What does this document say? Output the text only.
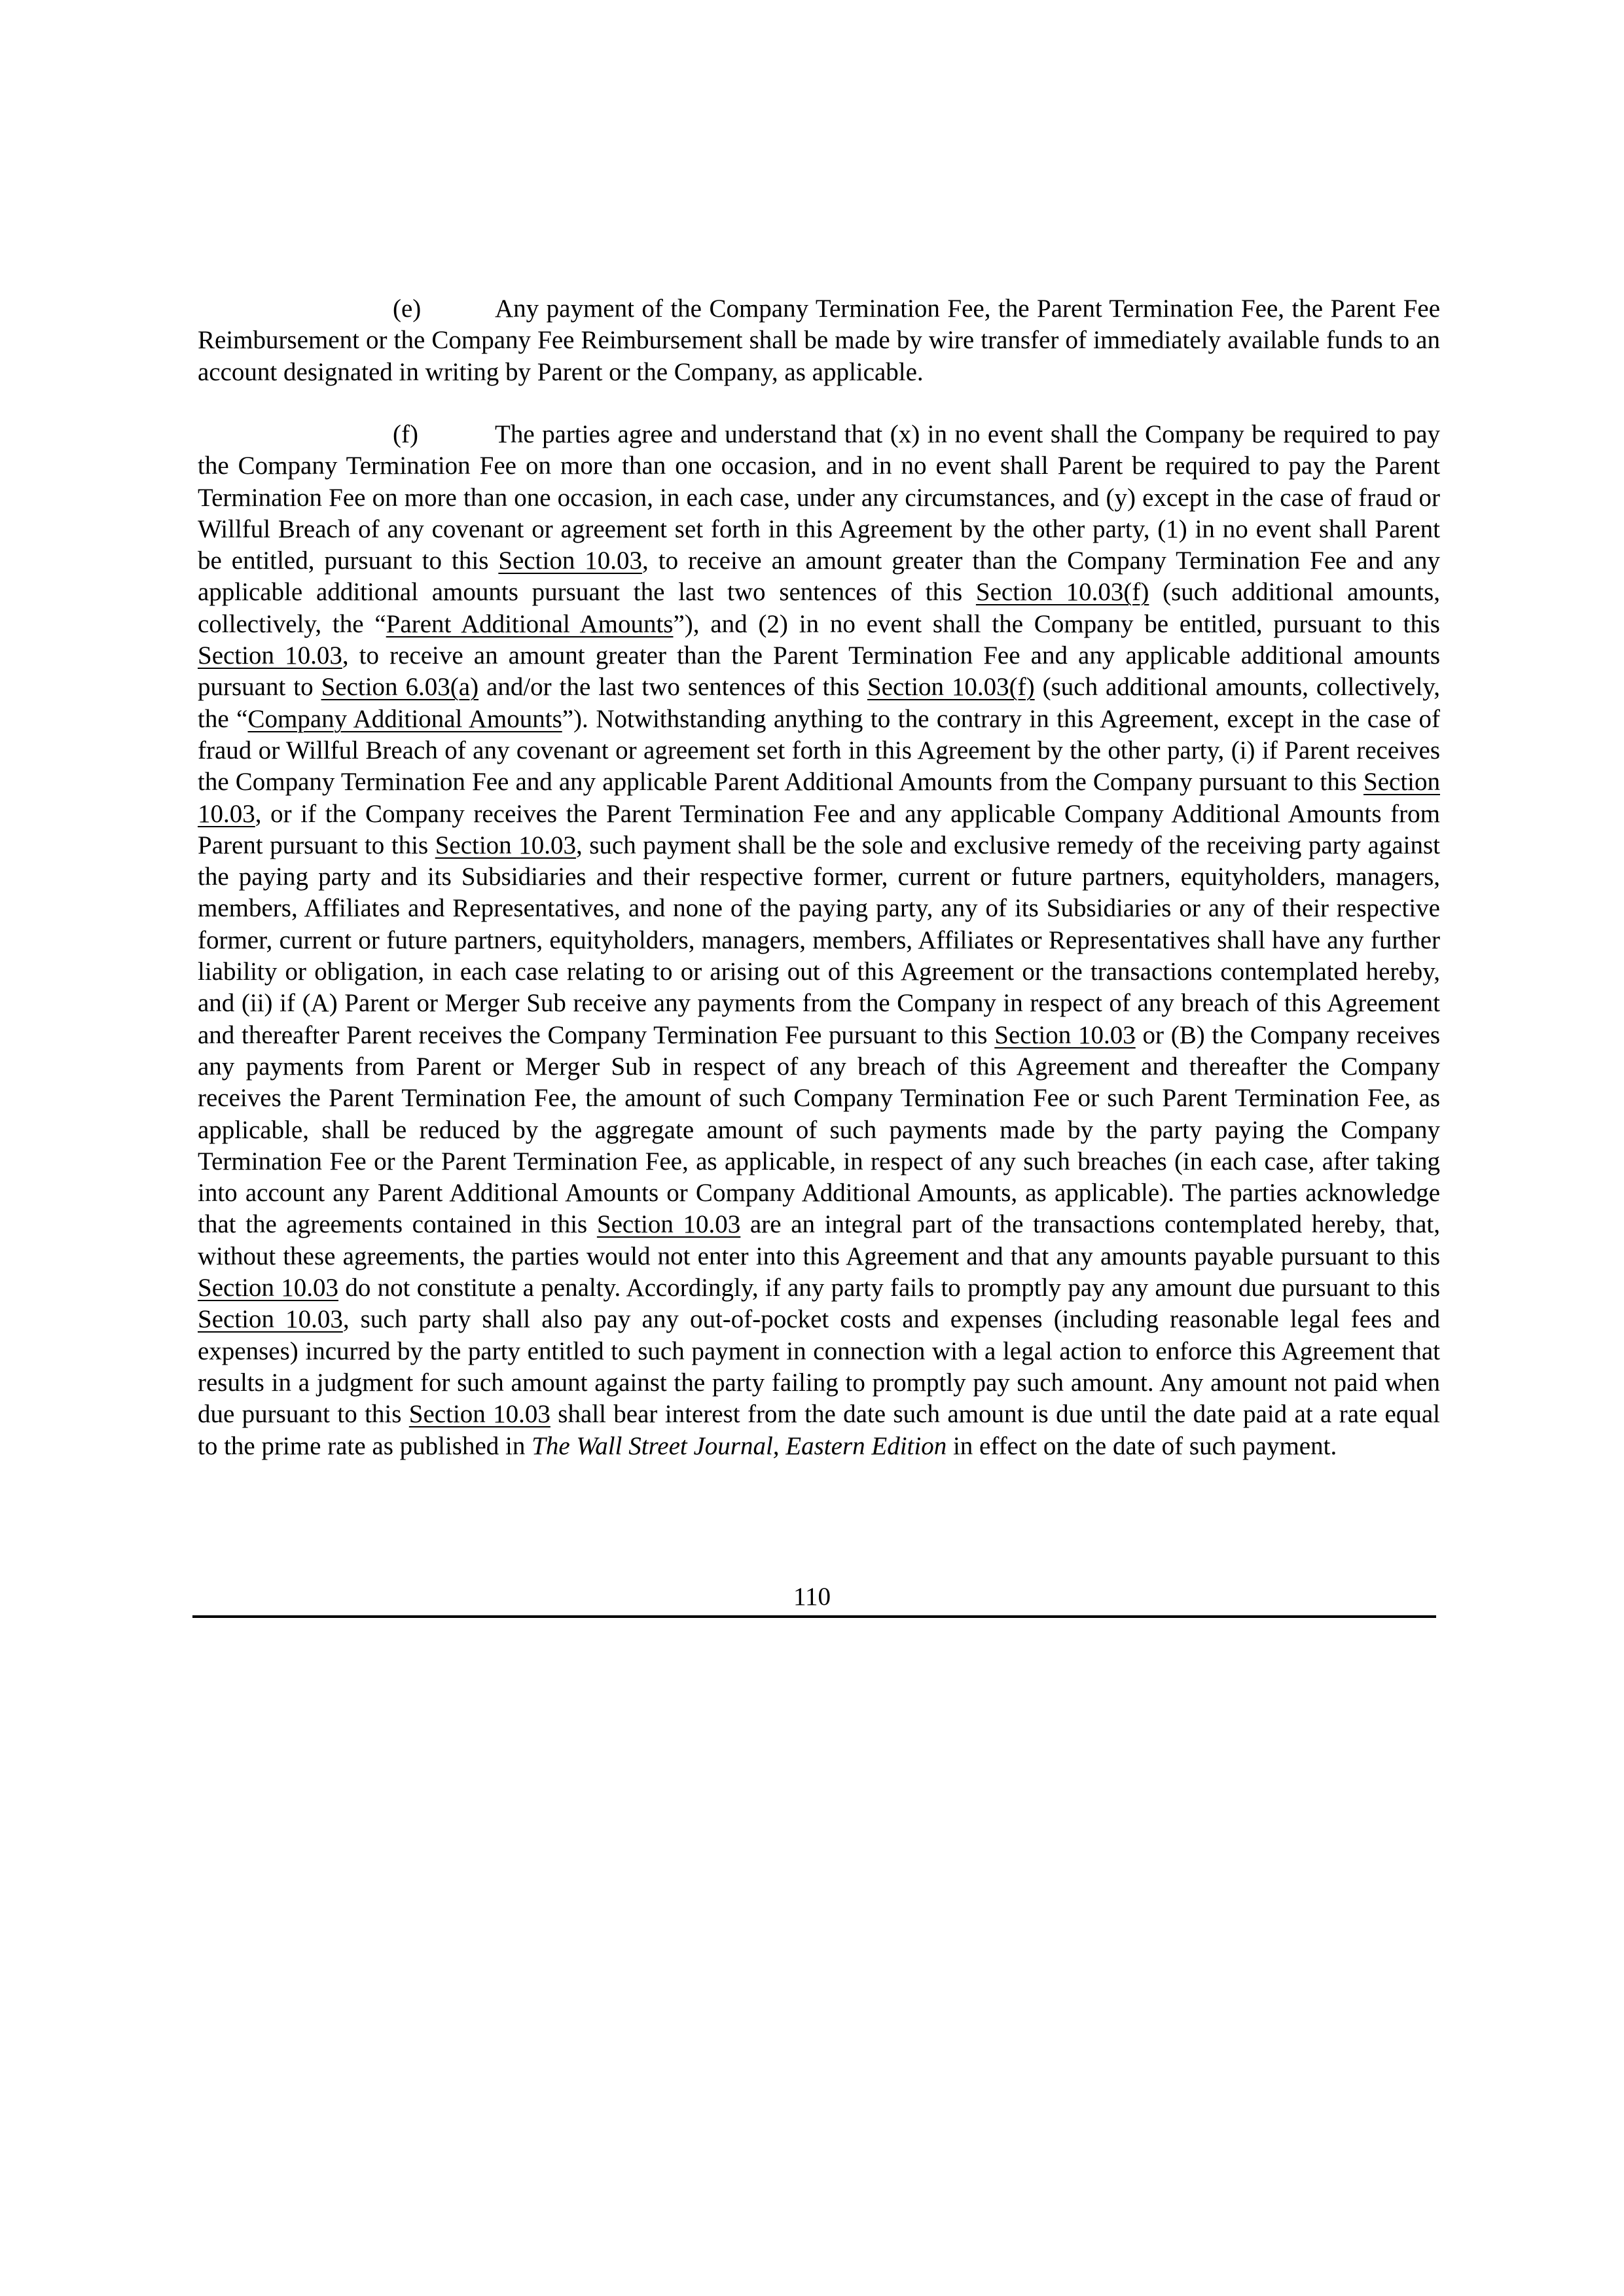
(e)	Any payment of the Company Termination Fee, the Parent Termination Fee, the Parent Fee Reimbursement or the Company Fee Reimbursement shall be made by wire transfer of immediately available funds to an account designated in writing by Parent or the Company, as applicable.

(f)	The parties agree and understand that (x) in no event shall the Company be required to pay the Company Termination Fee on more than one occasion, and in no event shall Parent be required to pay the Parent Termination Fee on more than one occasion, in each case, under any circumstances, and (y) except in the case of fraud or Willful Breach of any covenant or agreement set forth in this Agreement by the other party, (1) in no event shall Parent be entitled, pursuant to this Section 10.03, to receive an amount greater than the Company Termination Fee and any applicable additional amounts pursuant the last two sentences of this Section 10.03(f) (such additional amounts, collectively, the “Parent Additional Amounts”), and (2) in no event shall the Company be entitled, pursuant to this Section 10.03, to receive an amount greater than the Parent Termination Fee and any applicable additional amounts pursuant to Section 6.03(a) and/or the last two sentences of this Section 10.03(f) (such additional amounts, collectively, the “Company Additional Amounts”). Notwithstanding anything to the contrary in this Agreement, except in the case of fraud or Willful Breach of any covenant or agreement set forth in this Agreement by the other party, (i) if Parent receives the Company Termination Fee and any applicable Parent Additional Amounts from the Company pursuant to this Section 10.03, or if the Company receives the Parent Termination Fee and any applicable Company Additional Amounts from Parent pursuant to this Section 10.03, such payment shall be the sole and exclusive remedy of the receiving party against the paying party and its Subsidiaries and their respective former, current or future partners, equityholders, managers, members, Affiliates and Representatives, and none of the paying party, any of its Subsidiaries or any of their respective former, current or future partners, equityholders, managers, members, Affiliates or Representatives shall have any further liability or obligation, in each case relating to or arising out of this Agreement or the transactions contemplated hereby, and (ii) if (A) Parent or Merger Sub receive any payments from the Company in respect of any breach of this Agreement and thereafter Parent receives the Company Termination Fee pursuant to this Section 10.03 or (B) the Company receives any payments from Parent or Merger Sub in respect of any breach of this Agreement and thereafter the Company receives the Parent Termination Fee, the amount of such Company Termination Fee or such Parent Termination Fee, as applicable, shall be reduced by the aggregate amount of such payments made by the party paying the Company Termination Fee or the Parent Termination Fee, as applicable, in respect of any such breaches (in each case, after taking into account any Parent Additional Amounts or Company Additional Amounts, as applicable). The parties acknowledge that the agreements contained in this Section 10.03 are an integral part of the transactions contemplated hereby, that, without these agreements, the parties would not enter into this Agreement and that any amounts payable pursuant to this Section 10.03 do not constitute a penalty. Accordingly, if any party fails to promptly pay any amount due pursuant to this Section 10.03, such party shall also pay any out-of-pocket costs and expenses (including reasonable legal fees and expenses) incurred by the party entitled to such payment in connection with a legal action to enforce this Agreement that results in a judgment for such amount against the party failing to promptly pay such amount. Any amount not paid when due pursuant to this Section 10.03 shall bear interest from the date such amount is due until the date paid at a rate equal to the prime rate as published in The Wall Street Journal, Eastern Edition in effect on the date of such payment.

110
